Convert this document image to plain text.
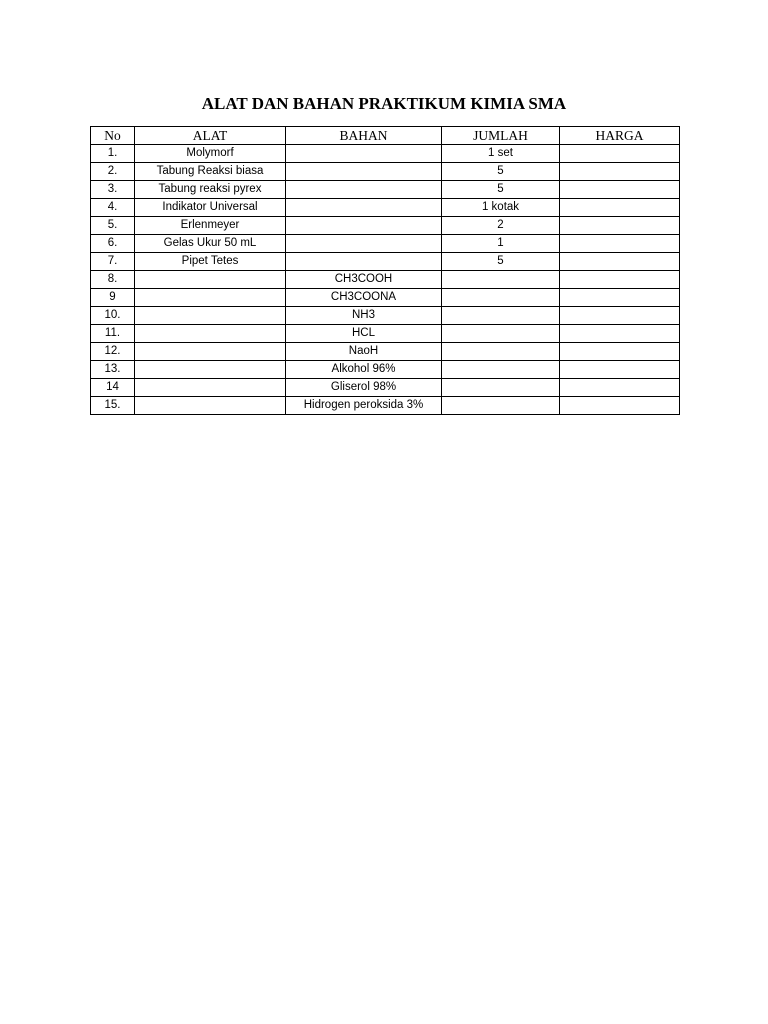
ALAT DAN BAHAN PRAKTIKUM KIMIA SMA
No	ALAT	BAHAN	JUMLAH	HARGA
1.	Molymorf		1 set	
2.	Tabung Reaksi biasa		5	
3.	Tabung reaksi pyrex		5	
4.	Indikator Universal		1 kotak	
5.	Erlenmeyer		2	
6.	Gelas Ukur 50 mL		1	
7.	Pipet Tetes		5	
8.		CH3COOH		
9		CH3COONA		
10.		NH3		
11.		HCL		
12.		NaoH		
13.		Alkohol 96%		
14		Gliserol 98%		
15.		Hidrogen peroksida 3%		
